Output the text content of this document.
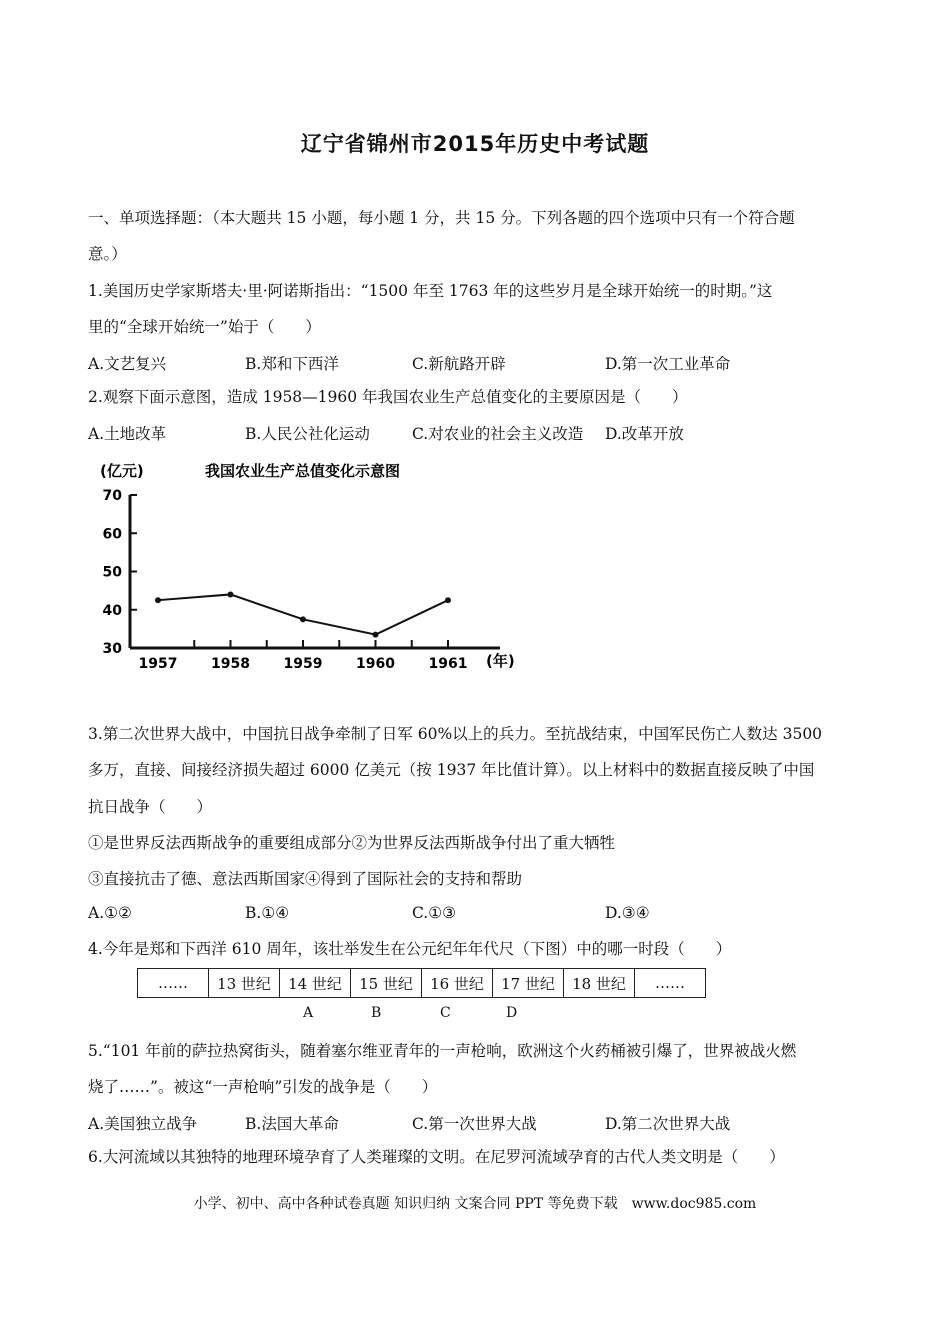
辽宁省锦州市2015年历史中考试题
一、单项选择题：（本大题共 15 小题，每小题 1 分，共 15 分。下列各题的四个选项中只有一个符合题
意。）
1.美国历史学家斯塔夫·里·阿诺斯指出：“1500 年至 1763 年的这些岁月是全球开始统一的时期。”这
里的“全球开始统一”始于（　　）
A.文艺复兴	B.郑和下西洋	C.新航路开辟	D.第一次工业革命
2.观察下面示意图，造成 1958—1960 年我国农业生产总值变化的主要原因是（　　）
A.土地改革	B.人民公社化运动	C.对农业的社会主义改造 D.改革开放
(亿元)	我国农业生产总值变化示意图
70
60
50
40
30
1957 1958 1959 1960 1961 (年)
3.第二次世界大战中，中国抗日战争牵制了日军 60%以上的兵力。至抗战结束，中国军民伤亡人数达 3500
多万，直接、间接经济损失超过 6000 亿美元（按 1937 年比值计算）。以上材料中的数据直接反映了中国
抗日战争（　　）
①是世界反法西斯战争的重要组成部分②为世界反法西斯战争付出了重大牺牲
③直接抗击了德、意法西斯国家④得到了国际社会的支持和帮助
A.①②	B.①④	C.①③	D.③④
4.今年是郑和下西洋 610 周年，该壮举发生在公元纪年年代尺（下图）中的哪一时段（　　）
……	13 世纪	14 世纪	15 世纪	16 世纪	17 世纪	18 世纪	……
A	B	C	D
5.“101 年前的萨拉热窝街头，随着塞尔维亚青年的一声枪响，欧洲这个火药桶被引爆了，世界被战火燃
烧了……”。被这“一声枪响”引发的战争是（　　）
A.美国独立战争	B.法国大革命	C.第一次世界大战	D.第二次世界大战
6.大河流域以其独特的地理环境孕育了人类璀璨的文明。在尼罗河流域孕育的古代人类文明是（　　）
小学、初中、高中各种试卷真题 知识归纳 文案合同 PPT 等免费下载　www.doc985.com
